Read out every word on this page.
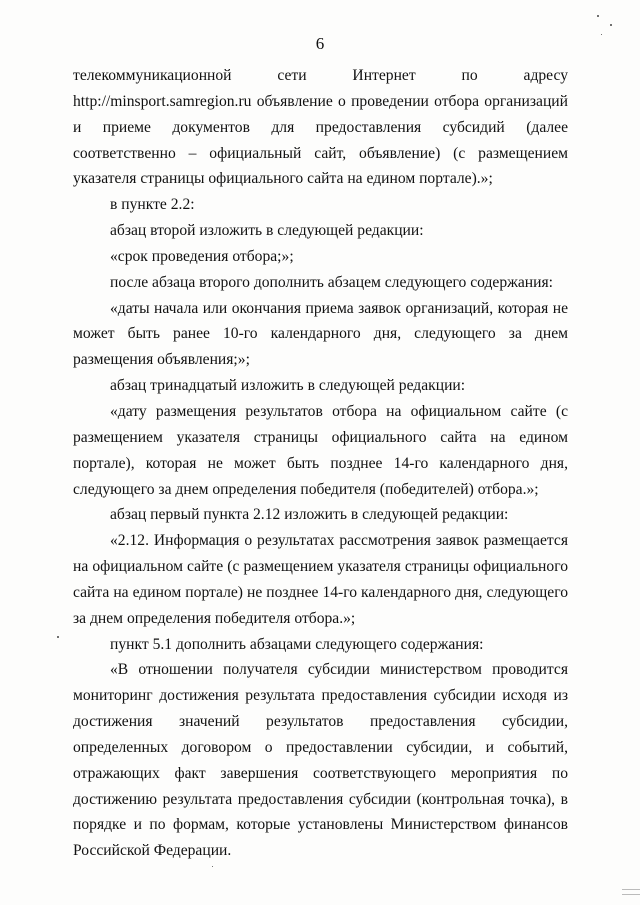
6

телекоммуникационной сети Интернет по адресу http://minsport.samregion.ru объявление о проведении отбора организаций и приеме документов для предоставления субсидий (далее соответственно – официальный сайт, объявление) (с размещением указателя страницы официального сайта на едином портале).»;

в пункте 2.2:

абзац второй изложить в следующей редакции:

«срок проведения отбора;»;

после абзаца второго дополнить абзацем следующего содержания:

«даты начала или окончания приема заявок организаций, которая не может быть ранее 10-го календарного дня, следующего за днем размещения объявления;»;

абзац тринадцатый изложить в следующей редакции:

«дату размещения результатов отбора на официальном сайте (с размещением указателя страницы официального сайта на едином портале), которая не может быть позднее 14-го календарного дня, следующего за днем определения победителя (победителей) отбора.»;

абзац первый пункта 2.12 изложить в следующей редакции:

«2.12. Информация о результатах рассмотрения заявок размещается на официальном сайте (с размещением указателя страницы официального сайта на едином портале) не позднее 14-го календарного дня, следующего за днем определения победителя отбора.»;

пункт 5.1 дополнить абзацами следующего содержания:

«В отношении получателя субсидии министерством проводится мониторинг достижения результата предоставления субсидии исходя из достижения значений результатов предоставления субсидии, определенных договором о предоставлении субсидии, и событий, отражающих факт завершения соответствующего мероприятия по достижению результата предоставления субсидии (контрольная точка), в порядке и по формам, которые установлены Министерством финансов Российской Федерации.
